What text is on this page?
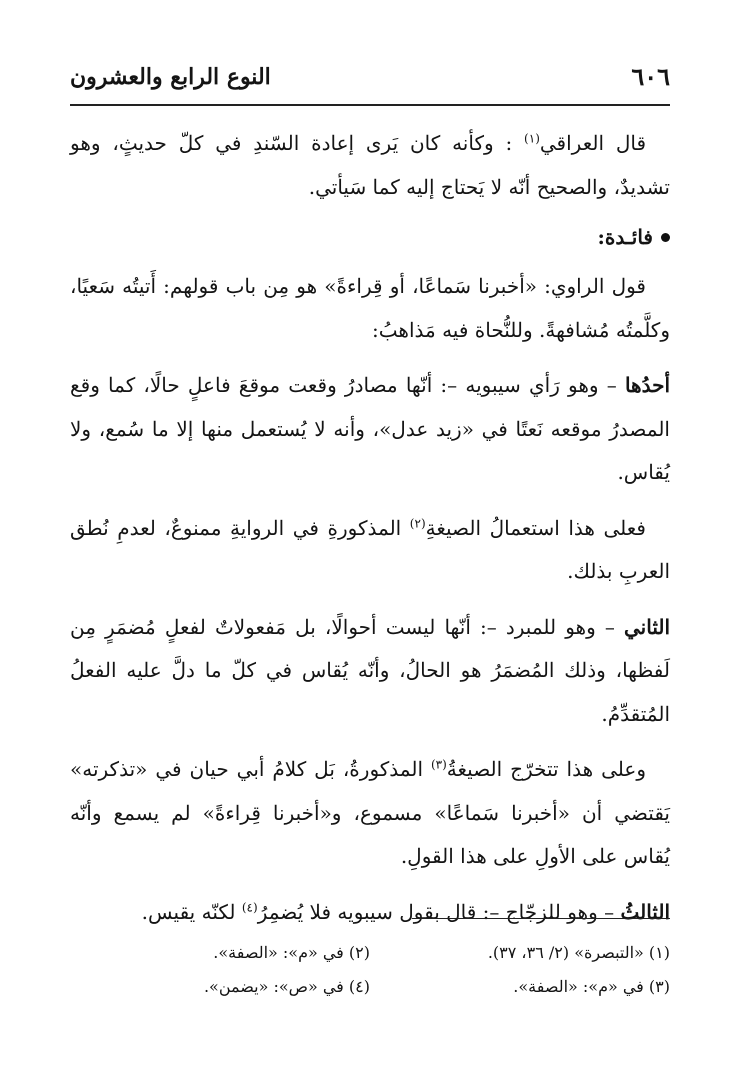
٦٠٦
النوع الرابع والعشرون

قال العراقي$^{(١)}$ : وكأنه كان يَرى إعادة السّندِ في كلّ حديثٍ، وهو تشديدٌ، والصحيح أنّه لا يَحتاج إليه كما سَيأتي.

فائـدة:

قول الراوي: «أخبرنا سَماعًا، أو قِراءةً» هو مِن باب قولهم: أَتيتُه سَعيًا، وكلَّمتُه مُشافهةً. وللنُّحاة فيه مَذاهبُ:

أحدُها – وهو رَأي سيبويه –: أنّها مصادرُ وقعت موقعَ فاعلٍ حالًا، كما وقع المصدرُ موقعه نَعتًا في «زيد عدل»، وأنه لا يُستعمل منها إلا ما سُمع، ولا يُقاس.

فعلى هذا استعمالُ الصيغةِ$^{(٢)}$ المذكورةِ في الروايةِ ممنوعٌ، لعدمِ نُطق العربِ بذلك.

الثاني – وهو للمبرد –: أنّها ليست أحوالًا، بل مَفعولاتٌ لفعلٍ مُضمَرٍ مِن لَفظها، وذلك المُضمَرُ هو الحالُ، وأنّه يُقاس في كلّ ما دلَّ عليه الفعلُ المُتقدِّمُ.

وعلى هذا تتخرّج الصيغةُ$^{(٣)}$ المذكورةُ، بَل كلامُ أبي حيان في «تذكرته» يَقتضي أن «أخبرنا سَماعًا» مسموع، و«أخبرنا قِراءةً» لم يسمع وأنّه يُقاس على الأولِ على هذا القولِ.

الثالثُ – وهو للزجّاج –: قال بقول سيبويه فلا يُضمِرُ$^{(٤)}$ لكنّه يقيس.

(١) «التبصرة» (٢/ ٣٦، ٣٧).
(٢) في «م»: «الصفة».
(٣) في «م»: «الصفة».
(٤) في «ص»: «يضمن».
